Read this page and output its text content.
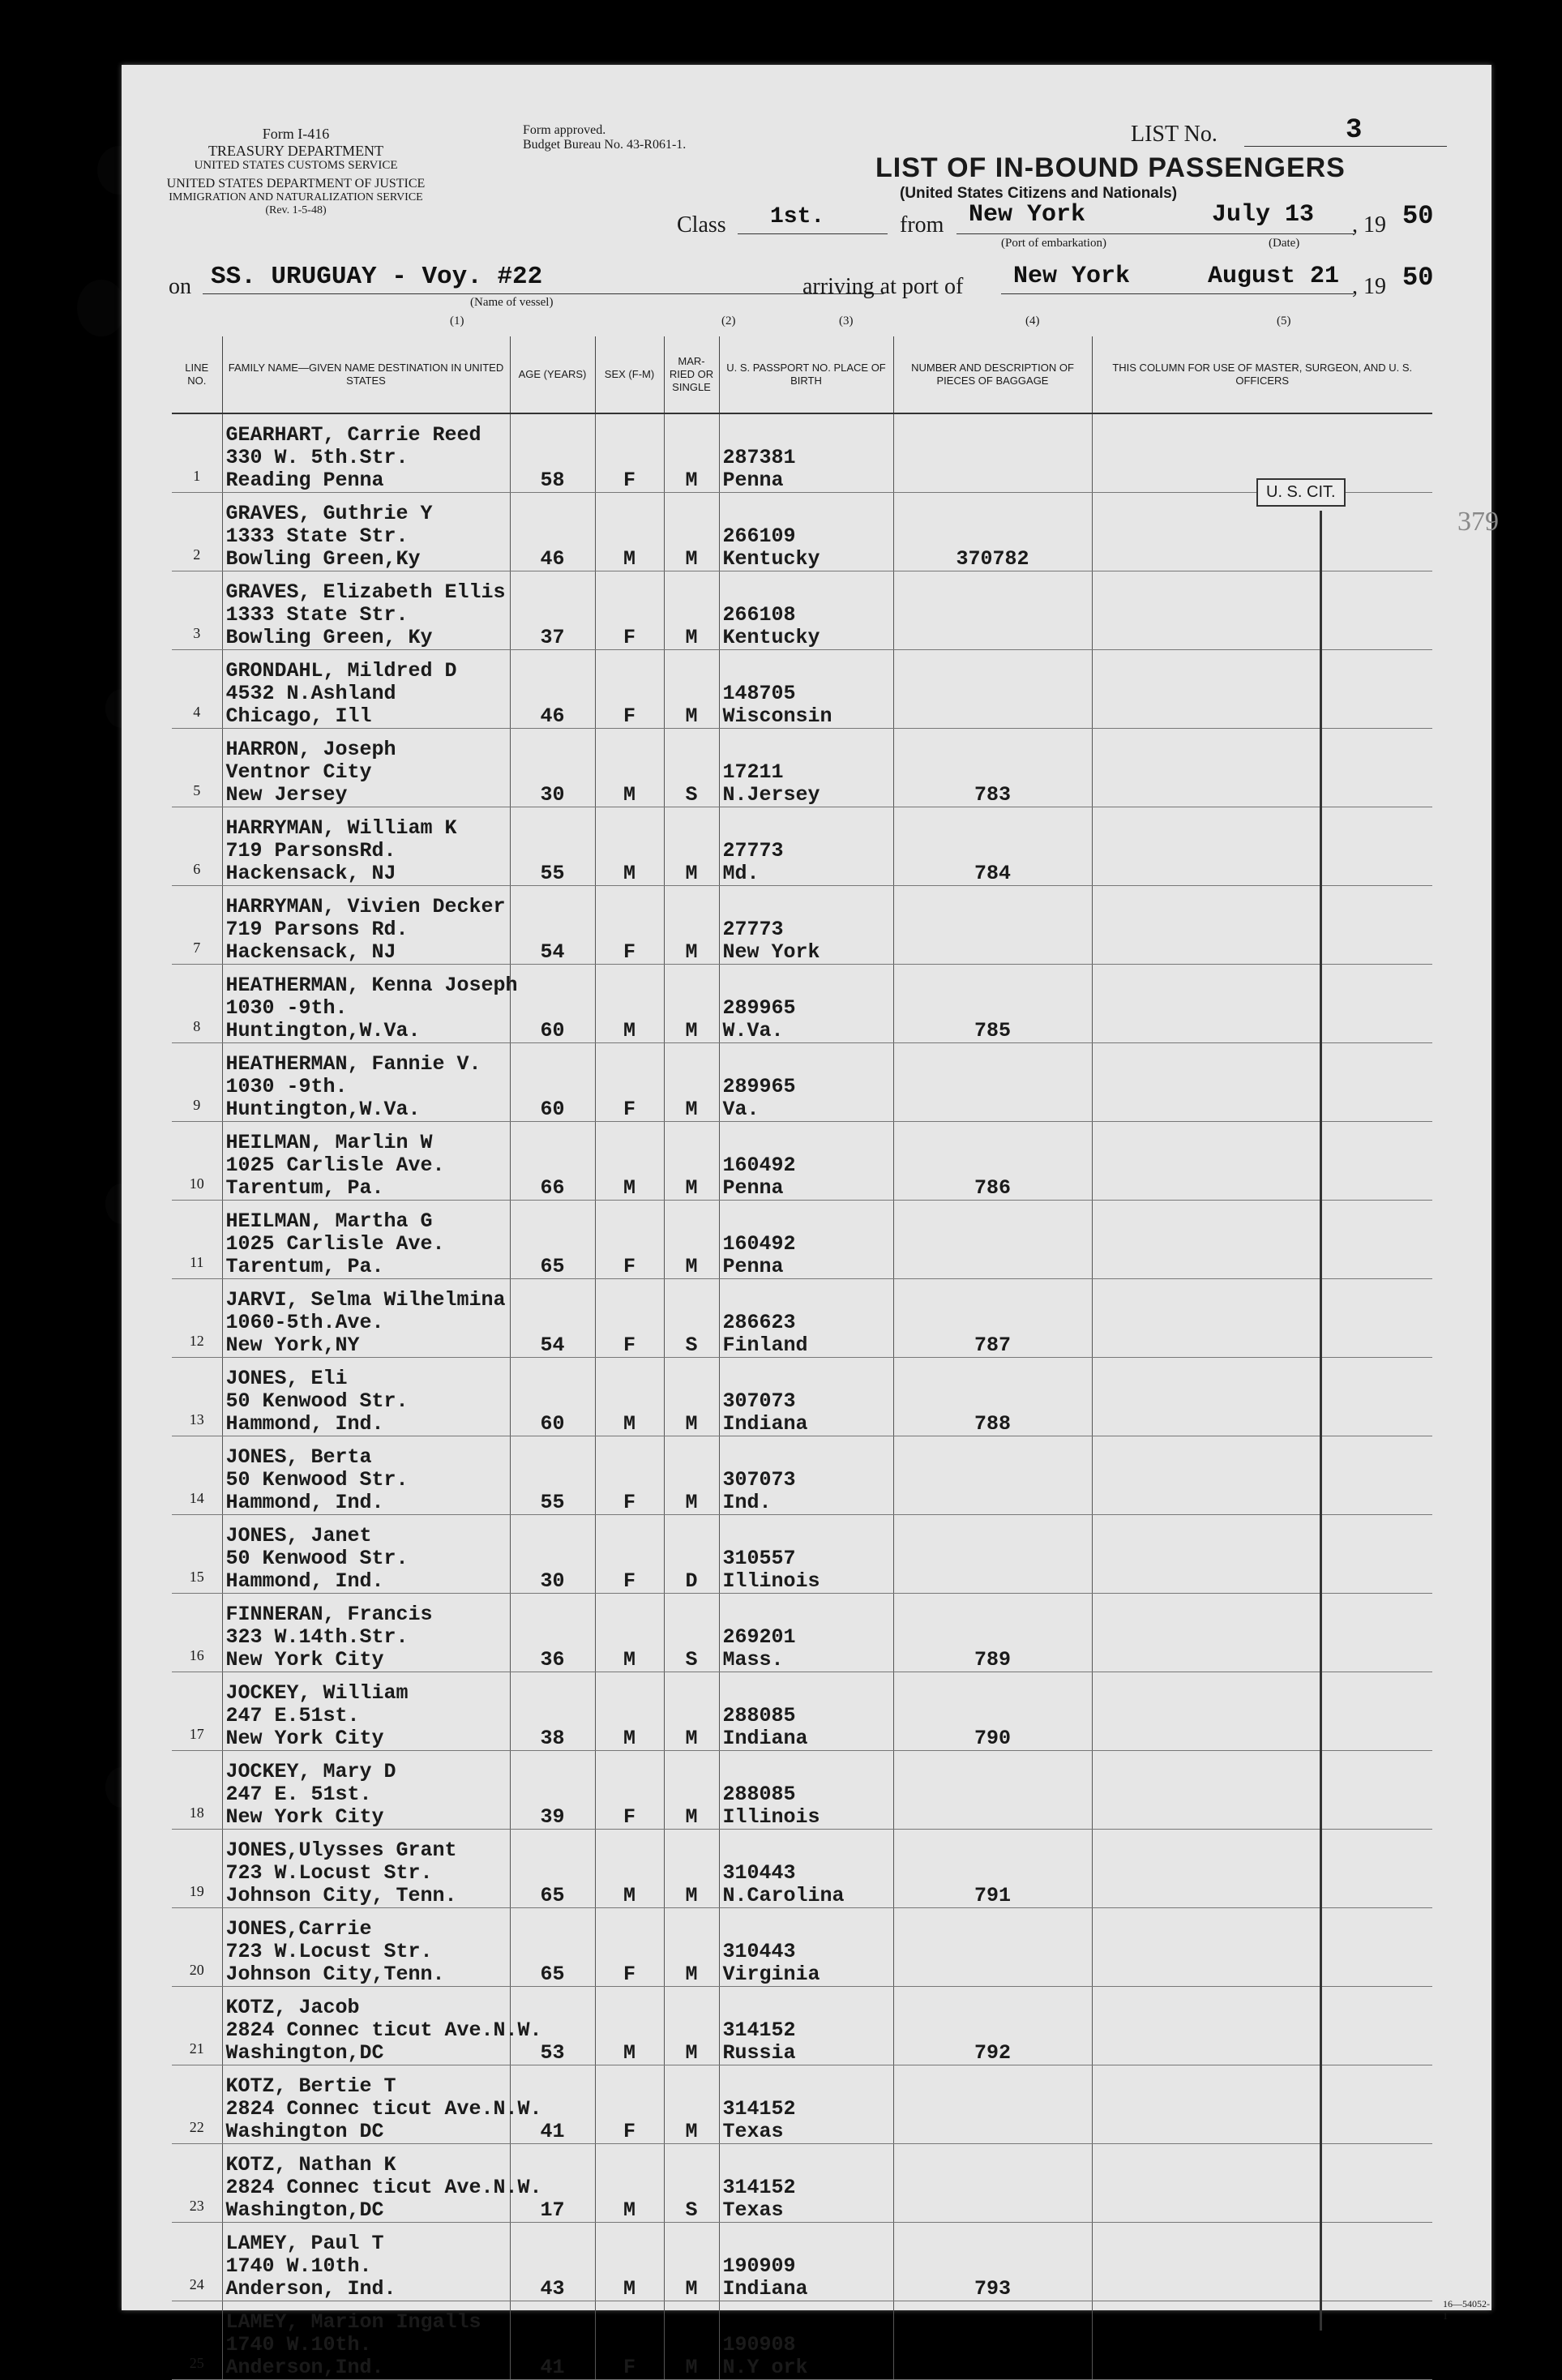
Form I-416
TREASURY DEPARTMENT
UNITED STATES CUSTOMS SERVICE
UNITED STATES DEPARTMENT OF JUSTICE
IMMIGRATION AND NATURALIZATION SERVICE
(Rev. 1-5-48)
Form approved.
Budget Bureau No. 43-R061-1.	LIST No.	3
LIST OF IN-BOUND PASSENGERS
(United States Citizens and Nationals)
Class 1st.	from New York
(Port of embarkation)
July 13 , 19 50
(Date)
on SS. URUGUAY - Voy. #22
(Name of vessel)
arriving at port of New York	August 21 , 19 50
(1)	(2)	(3)	(4)	(5)
LINE NO.	FAMILY NAME—GIVEN NAME DESTINATION IN UNITED STATES	AGE (YEARS)	SEX (F-M)	MAR-RIED OR SINGLE	U. S. PASSPORT NO. PLACE OF BIRTH	NUMBER AND DESCRIPTION OF PIECES OF BAGGAGE	THIS COLUMN FOR USE OF MASTER, SURGEON, AND U. S. OFFICERS

1	GEARHART, Carrie Reed
330 W. 5th.Str.
Reading Penna	58	F	M	287381
Penna		

2	GRAVES, Guthrie Y
1333 State Str.
Bowling Green,Ky	46	M	M	266109
Kentucky	370782	

3	GRAVES, Elizabeth Ellis
1333 State Str.
Bowling Green, Ky	37	F	M	266108
Kentucky		

4	GRONDAHL, Mildred D
4532 N.Ashland
Chicago, Ill	46	F	M	148705
Wisconsin		

5	HARRON, Joseph
Ventnor City
New Jersey	30	M	S	17211
N.Jersey	783	

6	HARRYMAN, William K
719 ParsonsRd.
Hackensack, NJ	55	M	M	27773
Md.	784	

7	HARRYMAN, Vivien Decker
719 Parsons Rd.
Hackensack, NJ	54	F	M	27773
New York		

8	HEATHERMAN, Kenna Joseph
1030 -9th.
Huntington,W.Va.	60	M	M	289965
W.Va.	785	

9	HEATHERMAN, Fannie V.
1030 -9th.
Huntington,W.Va.	60	F	M	289965
Va.		

10	HEILMAN, Marlin W
1025 Carlisle Ave.
Tarentum, Pa.	66	M	M	160492
Penna	786	

11	HEILMAN, Martha G
1025 Carlisle Ave.
Tarentum, Pa.	65	F	M	160492
Penna		

12	JARVI, Selma Wilhelmina
1060-5th.Ave.
New York,NY	54	F	S	286623
Finland	787	

13	JONES, Eli
50 Kenwood Str.
Hammond, Ind.	60	M	M	307073
Indiana	788	

14	JONES, Berta
50 Kenwood Str.
Hammond, Ind.	55	F	M	307073
Ind.		

15	JONES, Janet
50 Kenwood Str.
Hammond, Ind.	30	F	D	310557
Illinois		

16	FINNERAN, Francis
323 W.14th.Str.
New York City	36	M	S	269201
Mass.	789	

17	JOCKEY, William
247 E.51st.
New York City	38	M	M	288085
Indiana	790	

18	JOCKEY, Mary D
247 E. 51st.
New York City	39	F	M	288085
Illinois		

19	JONES,Ulysses Grant
723 W.Locust Str.
Johnson City, Tenn.	65	M	M	310443
N.Carolina	791	

20	JONES,Carrie
723 W.Locust Str.
Johnson City,Tenn.	65	F	M	310443
Virginia		

21	KOTZ, Jacob
2824 Connec ticut Ave.N.W.
Washington,DC	53	M	M	314152
Russia	792	

22	KOTZ, Bertie T
2824 Connec ticut Ave.N.W.
Washington DC	41	F	M	314152
Texas		

23	KOTZ, Nathan K
2824 Connec ticut Ave.N.W.
Washington,DC	17	M	S	314152
Texas		

24	LAMEY, Paul T
1740 W.10th.
Anderson, Ind.	43	M	M	190909
Indiana	793	

25	LAMEY, Marion Ingalls
1740 W.10th.
Anderson,Ind.	41	F	M	190908
N.Y ork		

U. S. CIT.
379
16—54052-1
